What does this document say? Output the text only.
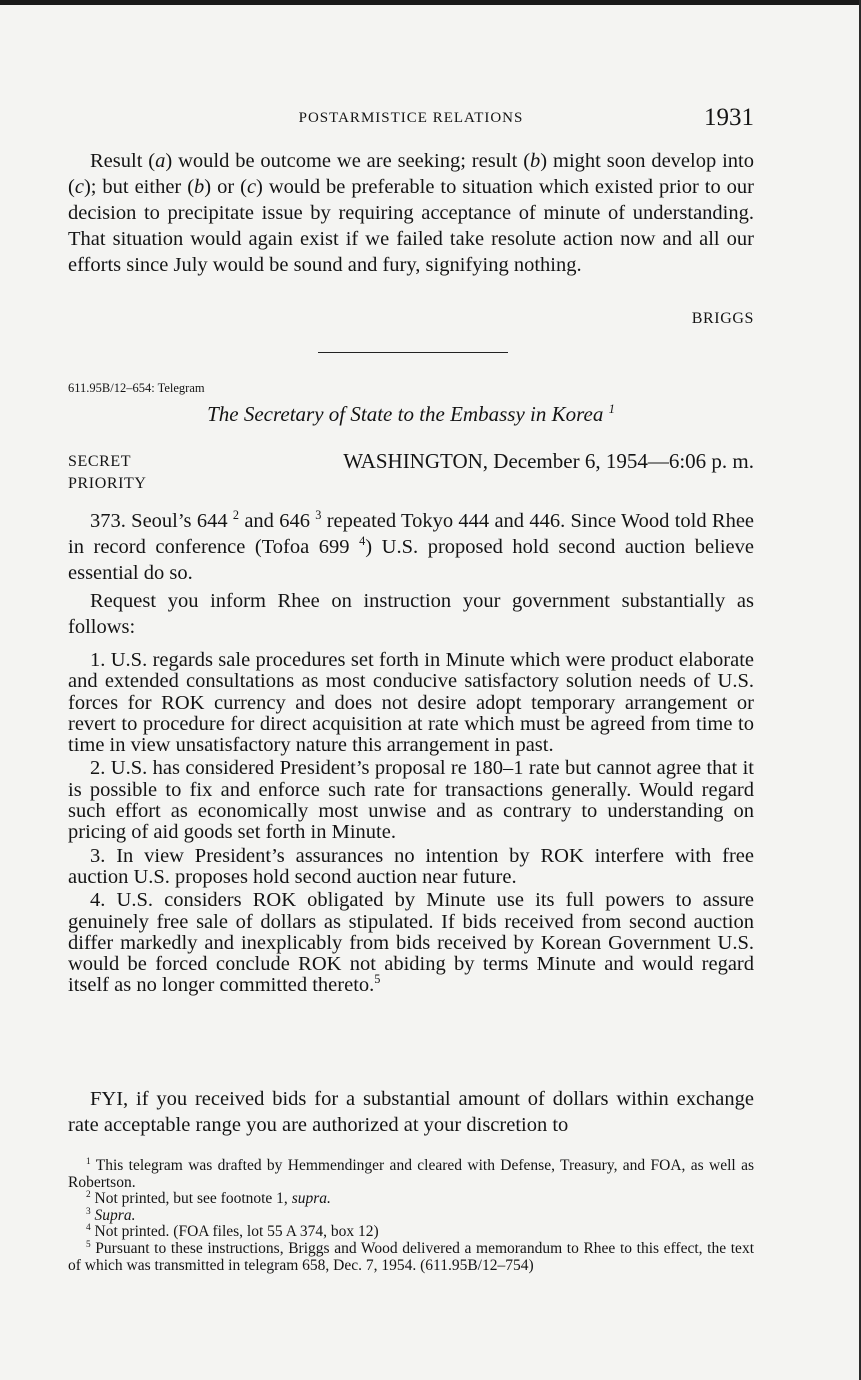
POSTARMISTICE RELATIONS	1931

Result (a) would be outcome we are seeking; result (b) might soon develop into (c); but either (b) or (c) would be preferable to situation which existed prior to our decision to precipitate issue by requiring acceptance of minute of understanding. That situation would again exist if we failed take resolute action now and all our efforts since July would be sound and fury, signifying nothing.

BRIGGS
611.95B/12–654: Telegram
The Secretary of State to the Embassy in Korea $^1$
SECRET
PRIORITY
WASHINGTON, December 6, 1954—6:06 p. m.

373. Seoul’s 644 $^2$ and 646 $^3$ repeated Tokyo 444 and 446. Since Wood told Rhee in record conference (Tofoa 699 $^4$) U.S. proposed hold second auction believe essential do so.

Request you inform Rhee on instruction your government substantially as follows:

1. U.S. regards sale procedures set forth in Minute which were product elaborate and extended consultations as most conducive satisfactory solution needs of U.S. forces for ROK currency and does not desire adopt temporary arrangement or revert to procedure for direct acquisition at rate which must be agreed from time to time in view unsatisfactory nature this arrangement in past.

2. U.S. has considered President’s proposal re 180–1 rate but cannot agree that it is possible to fix and enforce such rate for transactions generally. Would regard such effort as economically most unwise and as contrary to understanding on pricing of aid goods set forth in Minute.

3. In view President’s assurances no intention by ROK interfere with free auction U.S. proposes hold second auction near future.

4. U.S. considers ROK obligated by Minute use its full powers to assure genuinely free sale of dollars as stipulated. If bids received from second auction differ markedly and inexplicably from bids received by Korean Government U.S. would be forced conclude ROK not abiding by terms Minute and would regard itself as no longer committed thereto.$^5$

FYI, if you received bids for a substantial amount of dollars within exchange rate acceptable range you are authorized at your discretion to

$^1$ This telegram was drafted by Hemmendinger and cleared with Defense, Treasury, and FOA, as well as Robertson.

$^2$ Not printed, but see footnote 1, supra.

$^3$ Supra.

$^4$ Not printed. (FOA files, lot 55 A 374, box 12)

$^5$ Pursuant to these instructions, Briggs and Wood delivered a memorandum to Rhee to this effect, the text of which was transmitted in telegram 658, Dec. 7, 1954. (611.95B/12–754)
